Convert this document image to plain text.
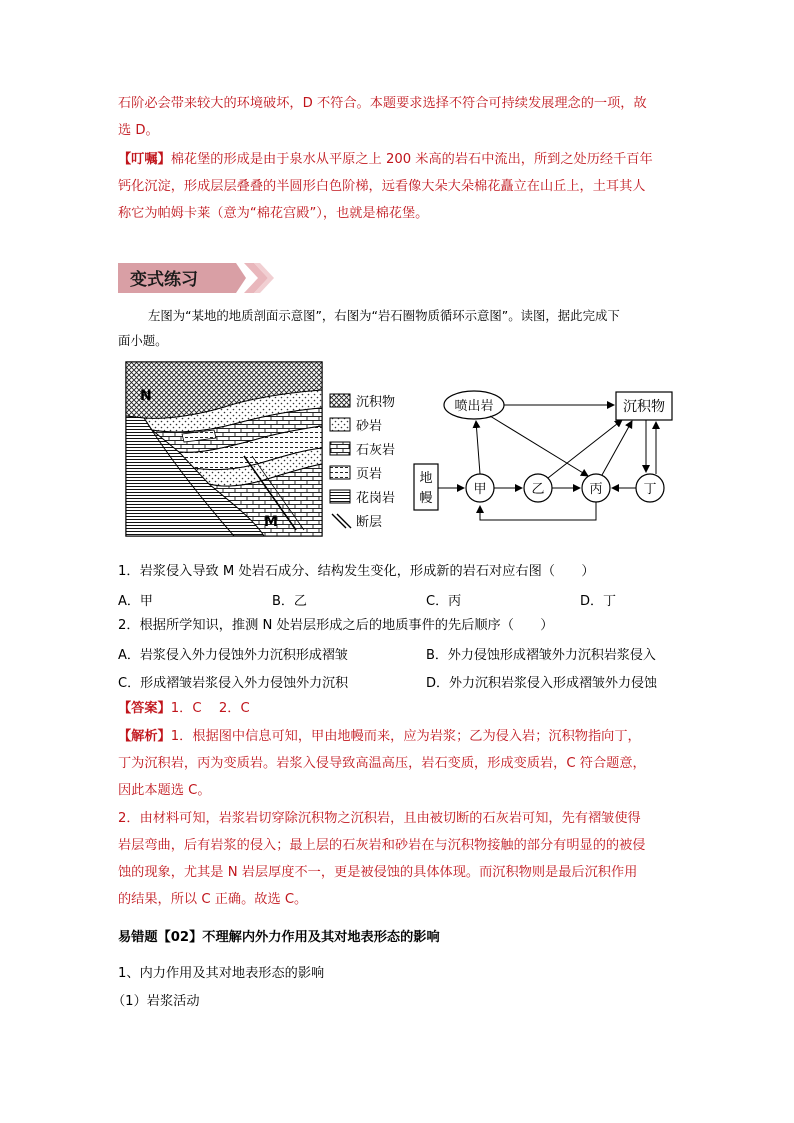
石阶必会带来较大的环境破坏，D 不符合。本题要求选择不符合可持续发展理念的一项，故
选 D。
【叮嘱】棉花堡的形成是由于泉水从平原之上 200 米高的岩石中流出，所到之处历经千百年
钙化沉淀，形成层层叠叠的半圆形白色阶梯，远看像大朵大朵棉花矗立在山丘上，土耳其人
称它为帕姆卡莱（意为“棉花宫殿”），也就是棉花堡。
变式练习
左图为“某地的地质剖面示意图”，右图为“岩石圈物质循环示意图”。读图，据此完成下
面小题。
N
M
沉积物
砂岩
石灰岩
页岩
花岗岩
断层
喷出岩	沉积物
地
幔
甲	乙	丙	丁
1．岩浆侵入导致 M 处岩石成分、结构发生变化，形成新的岩石对应右图（　　）
A．甲	B．乙	C．丙	D．丁
2．根据所学知识，推测 N 处岩层形成之后的地质事件的先后顺序（　　）
A．岩浆侵入外力侵蚀外力沉积形成褶皱	B．外力侵蚀形成褶皱外力沉积岩浆侵入
C．形成褶皱岩浆侵入外力侵蚀外力沉积	D．外力沉积岩浆侵入形成褶皱外力侵蚀
【答案】1．C　 2．C
【解析】1．根据图中信息可知，甲由地幔而来，应为岩浆；乙为侵入岩；沉积物指向丁，
丁为沉积岩，丙为变质岩。岩浆入侵导致高温高压，岩石变质，形成变质岩，C 符合题意，
因此本题选 C。
2．由材料可知，岩浆岩切穿除沉积物之沉积岩，且由被切断的石灰岩可知，先有褶皱使得
岩层弯曲，后有岩浆的侵入；最上层的石灰岩和砂岩在与沉积物接触的部分有明显的的被侵
蚀的现象，尤其是 N 岩层厚度不一，更是被侵蚀的具体体现。而沉积物则是最后沉积作用
的结果，所以 C 正确。故选 C。
易错题【02】不理解内外力作用及其对地表形态的影响
1、内力作用及其对地表形态的影响
（1）岩浆活动
